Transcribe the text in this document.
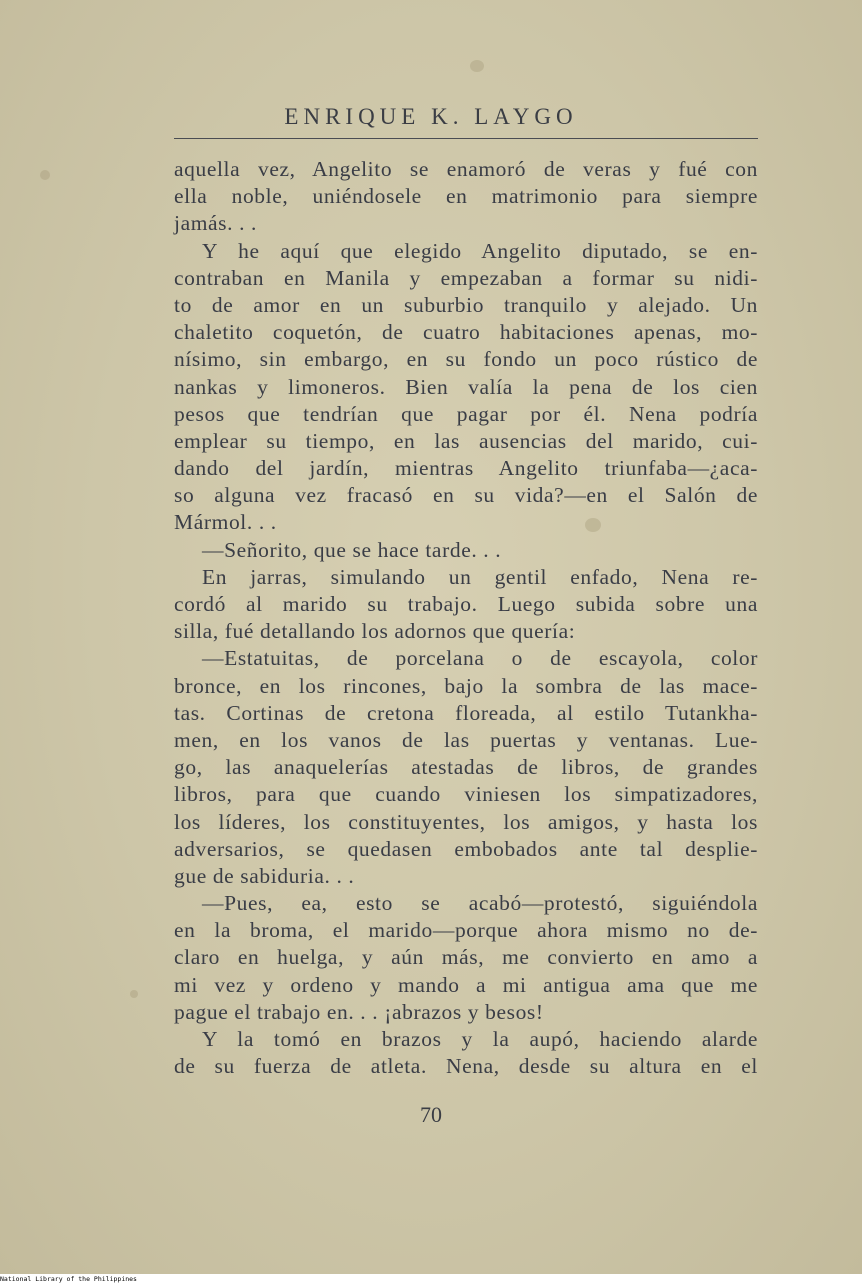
ENRIQUE K. LAYGO
aquella vez, Angelito se enamoró de veras y fué con
ella noble, uniéndosele en matrimonio para siempre
jamás. . .
Y he aquí que elegido Angelito diputado, se en-
contraban en Manila y empezaban a formar su nidi-
to de amor en un suburbio tranquilo y alejado. Un
chaletito coquetón, de cuatro habitaciones apenas, mo-
nísimo, sin embargo, en su fondo un poco rústico de
nankas y limoneros. Bien valía la pena de los cien
pesos que tendrían que pagar por él. Nena podría
emplear su tiempo, en las ausencias del marido, cui-
dando del jardín, mientras Angelito triunfaba—¿aca-
so alguna vez fracasó en su vida?—en el Salón de
Mármol. . .
—Señorito, que se hace tarde. . .
En jarras, simulando un gentil enfado, Nena re-
cordó al marido su trabajo. Luego subida sobre una
silla, fué detallando los adornos que quería:
—Estatuitas, de porcelana o de escayola, color
bronce, en los rincones, bajo la sombra de las mace-
tas. Cortinas de cretona floreada, al estilo Tutankha-
men, en los vanos de las puertas y ventanas. Lue-
go, las anaquelerías atestadas de libros, de grandes
libros, para que cuando viniesen los simpatizadores,
los líderes, los constituyentes, los amigos, y hasta los
adversarios, se quedasen embobados ante tal desplie-
gue de sabiduria. . .
—Pues, ea, esto se acabó—protestó, siguiéndola
en la broma, el marido—porque ahora mismo no de-
claro en huelga, y aún más, me convierto en amo a
mi vez y ordeno y mando a mi antigua ama que me
pague el trabajo en. . . ¡abrazos y besos!
Y la tomó en brazos y la aupó, haciendo alarde
de su fuerza de atleta. Nena, desde su altura en el
70
National Library of the Philippines
